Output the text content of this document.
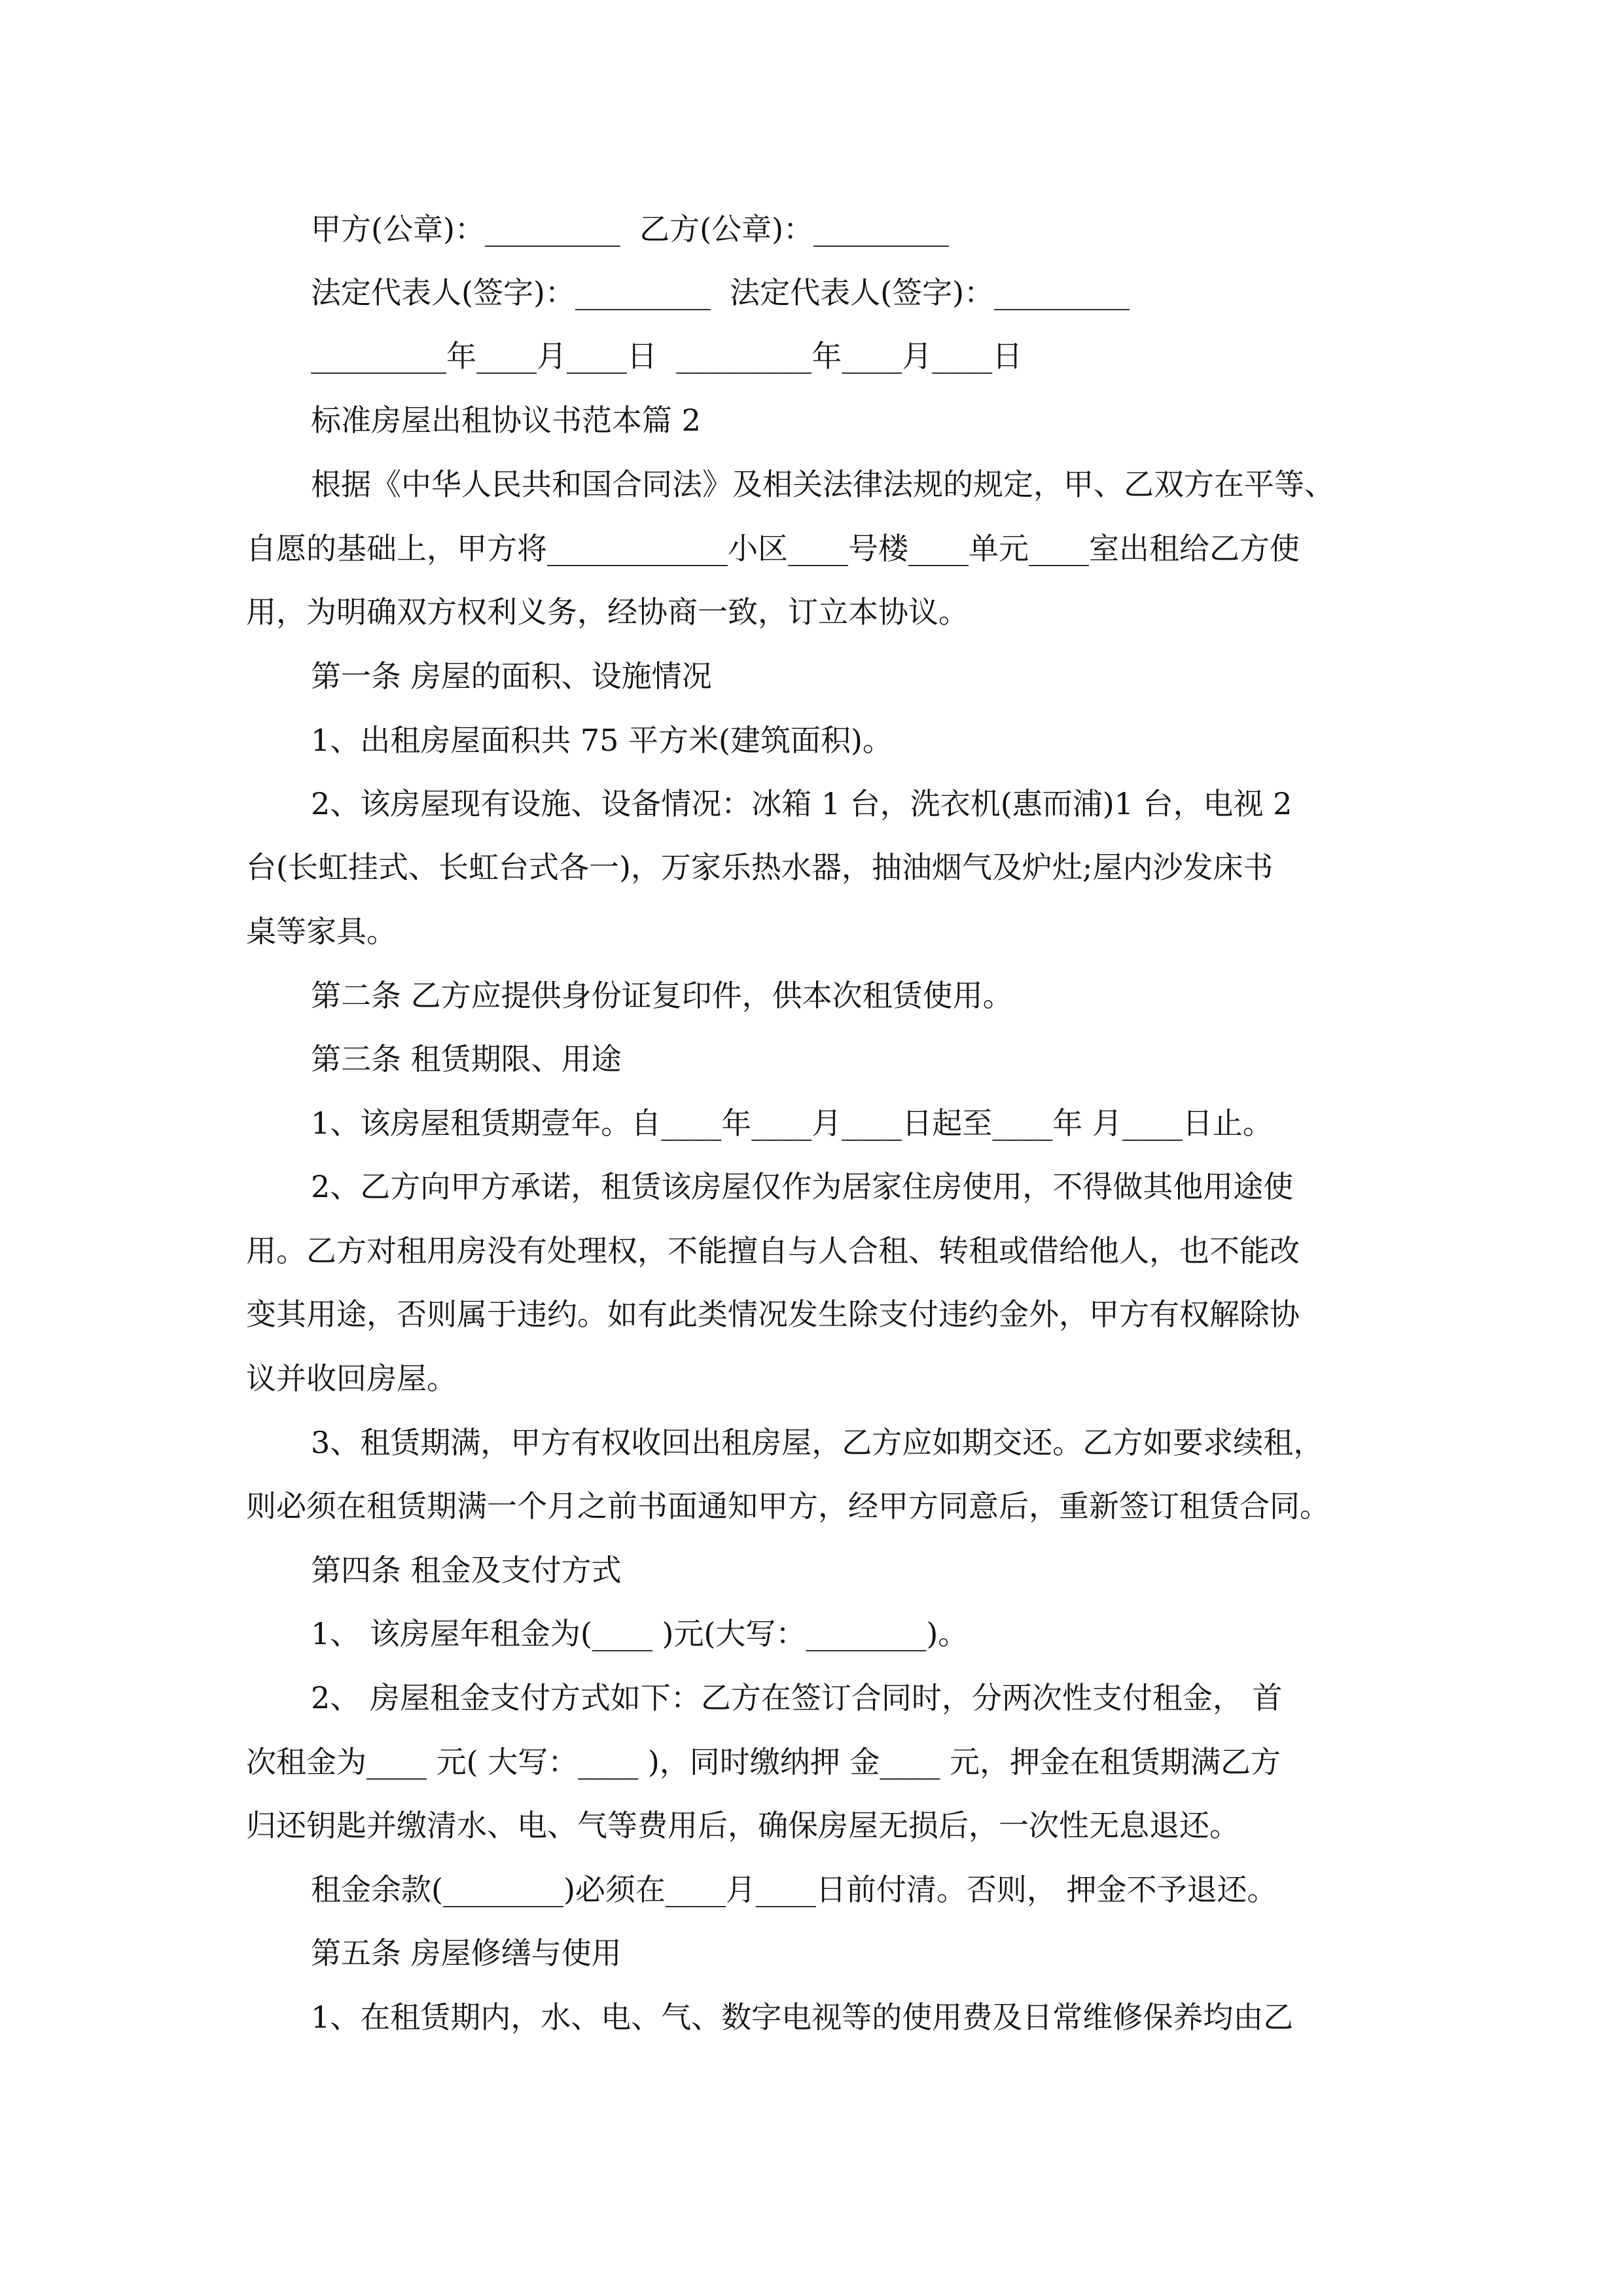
甲方(公章)：_________  乙方(公章)：_________

法定代表人(签字)：_________  法定代表人(签字)：_________

_________年____月____日  _________年____月____日

标准房屋出租协议书范本篇 2

根据《中华人民共和国合同法》及相关法律法规的规定，甲、乙双方在平等、

自愿的基础上，甲方将____________小区____号楼____单元____室出租给乙方使

用，为明确双方权利义务，经协商一致，订立本协议。

第一条 房屋的面积、设施情况

1、出租房屋面积共 75 平方米(建筑面积)。

2、该房屋现有设施、设备情况：冰箱 1 台，洗衣机(惠而浦)1 台，电视 2

台(长虹挂式、长虹台式各一)，万家乐热水器，抽油烟气及炉灶;屋内沙发床书

桌等家具。

第二条 乙方应提供身份证复印件，供本次租赁使用。

第三条 租赁期限、用途

1、该房屋租赁期壹年。自____年____月____日起至____年 月____日止。

2、乙方向甲方承诺，租赁该房屋仅作为居家住房使用，不得做其他用途使

用。乙方对租用房没有处理权，不能擅自与人合租、转租或借给他人，也不能改

变其用途，否则属于违约。如有此类情况发生除支付违约金外，甲方有权解除协

议并收回房屋。

3、租赁期满，甲方有权收回出租房屋，乙方应如期交还。乙方如要求续租，

则必须在租赁期满一个月之前书面通知甲方，经甲方同意后，重新签订租赁合同。

第四条 租金及支付方式

1、 该房屋年租金为(____ )元(大写：________)。

2、 房屋租金支付方式如下：乙方在签订合同时，分两次性支付租金， 首

次租金为____ 元( 大写：____ )，同时缴纳押 金____ 元，押金在租赁期满乙方

归还钥匙并缴清水、电、气等费用后，确保房屋无损后，一次性无息退还。

租金余款(________)必须在____月____日前付清。否则， 押金不予退还。

第五条 房屋修缮与使用

1、在租赁期内，水、电、气、数字电视等的使用费及日常维修保养均由乙
